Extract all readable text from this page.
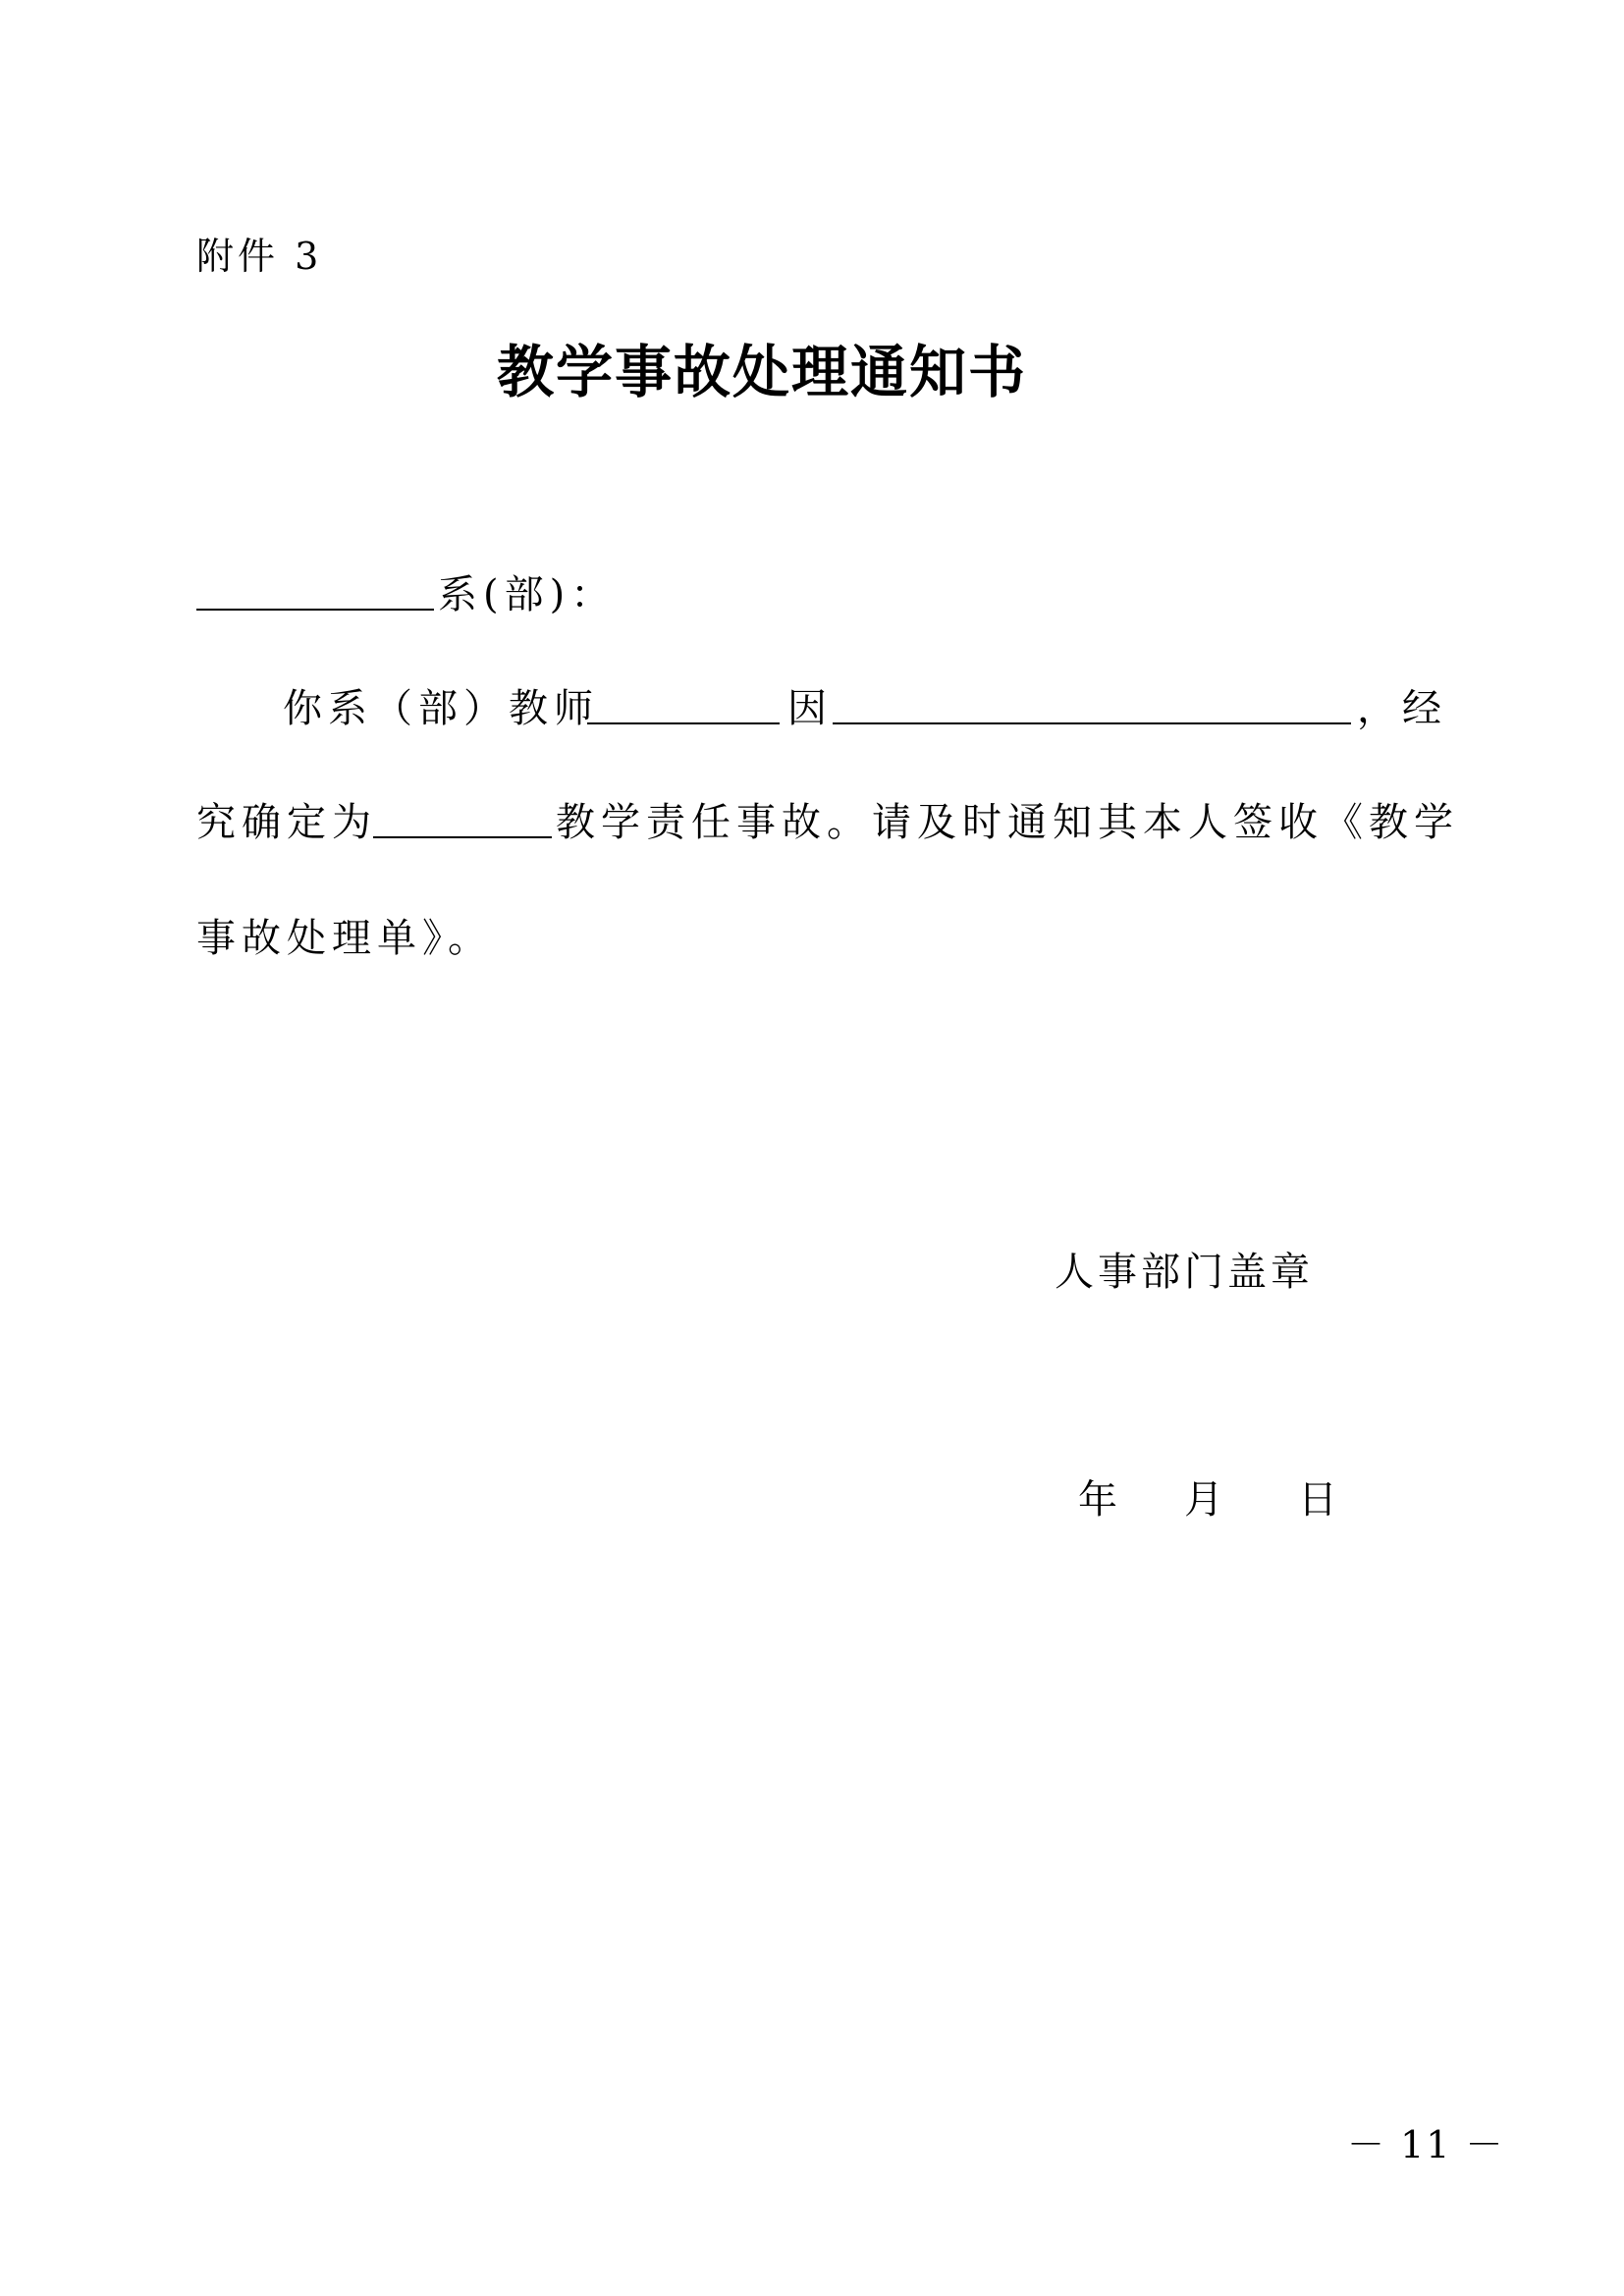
附件 3
教学事故处理通知书
系(部)：
你系（部）教师	因	，经
究确定为	教学责任事故。请及时通知其本人签收《教学
事故处理单》。
人事部门盖章
年 月 日
－ 11 －
